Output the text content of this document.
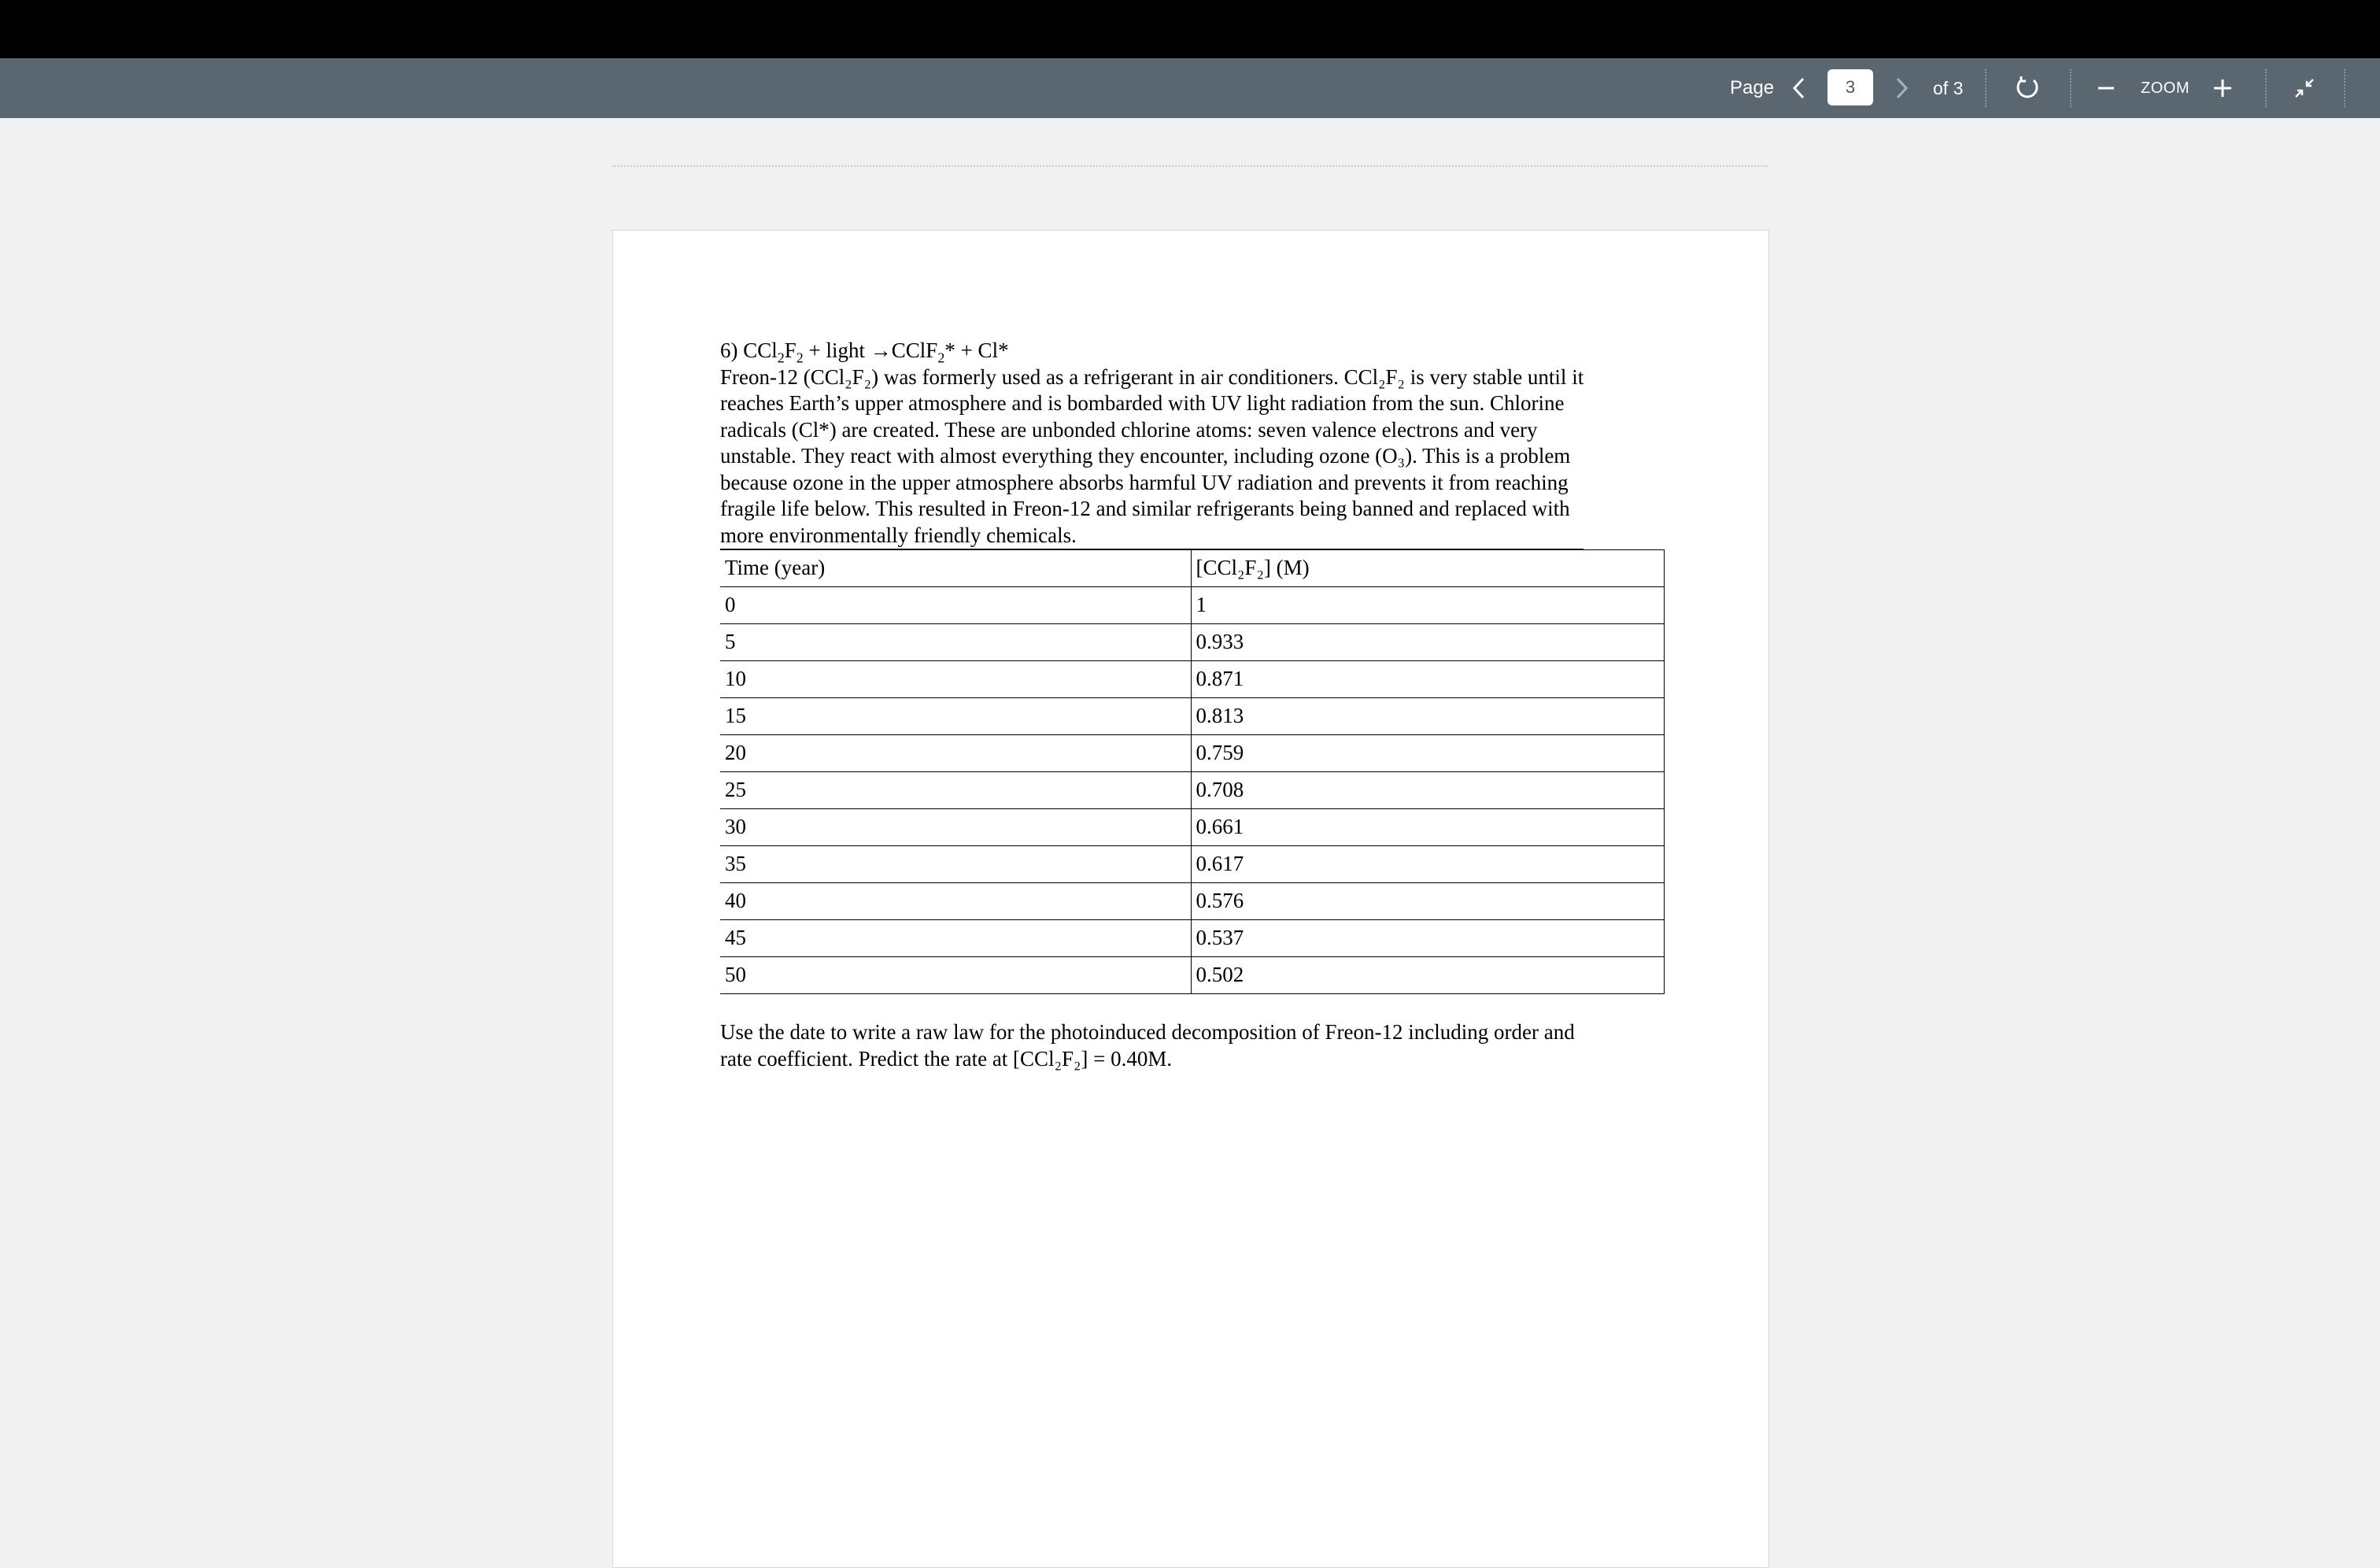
Page
3	of 3	ZOOM

6) $CCl_2F_2$ + light →CClF$_2$* + Cl*

Freon-12 (CCl₂F₂) was formerly used as a refrigerant in air conditioners. CCl₂F₂ is very stable until it

reaches Earth’s upper atmosphere and is bombarded with UV light radiation from the sun. Chlorine

radicals (Cl*) are created. These are unbonded chlorine atoms: seven valence electrons and very

unstable. They react with almost everything they encounter, including ozone (O₃). This is a problem

because ozone in the upper atmosphere absorbs harmful UV radiation and prevents it from reaching

fragile life below. This resulted in Freon-12 and similar refrigerants being banned and replaced with

more environmentally friendly chemicals.

Time (year)	[CCl₂F₂] (M)
0	1
5	0.933
10	0.871
15	0.813
20	0.759
25	0.708
30	0.661
35	0.617
40	0.576
45	0.537
50	0.502

Use the date to write a raw law for the photoinduced decomposition of Freon-12 including order and

rate coefficient. Predict the rate at [CCl₂F₂] = 0.40M.
